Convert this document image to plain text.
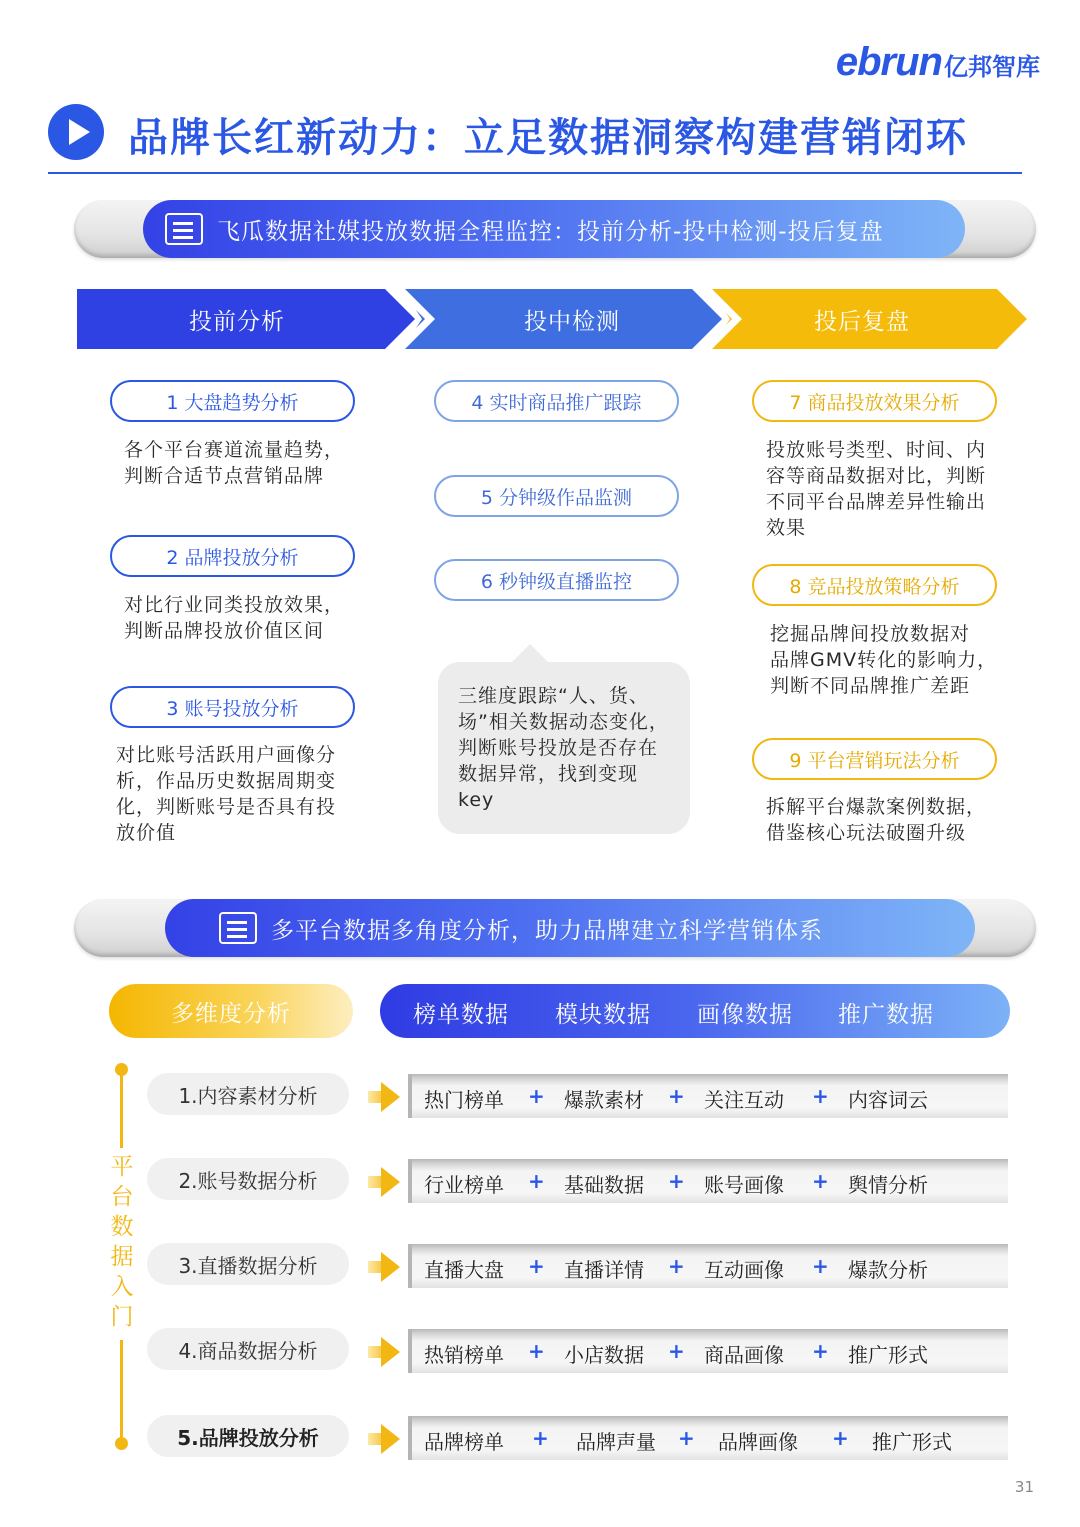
ebrun 亿邦智库
品牌长红新动力：立足数据洞察构建营销闭环
飞瓜数据社媒投放数据全程监控：投前分析-投中检测-投后复盘
投前分析	投中检测	投后复盘
1 大盘趋势分析
各个平台赛道流量趋势，
判断合适节点营销品牌
2 品牌投放分析
对比行业同类投放效果，
判断品牌投放价值区间
3 账号投放分析
对比账号活跃用户画像分
析，作品历史数据周期变
化，判断账号是否具有投
放价值
4 实时商品推广跟踪
5 分钟级作品监测
6 秒钟级直播监控
三维度跟踪“人、货、
场”相关数据动态变化，
判断账号投放是否存在
数据异常，找到变现
key
7 商品投放效果分析
投放账号类型、时间、内
容等商品数据对比，判断
不同平台品牌差异性输出
效果
8 竞品投放策略分析
挖掘品牌间投放数据对
品牌GMV转化的影响力，
判断不同品牌推广差距
9 平台营销玩法分析
拆解平台爆款案例数据，
借鉴核心玩法破圈升级
多平台数据多角度分析，助力品牌建立科学营销体系
多维度分析	榜单数据 模块数据 画像数据 推广数据
平
台
数
据
入
门
1.内容素材分析	热门榜单 + 爆款素材 + 关注互动 + 内容词云
2.账号数据分析	行业榜单 + 基础数据 + 账号画像 + 舆情分析
3.直播数据分析	直播大盘 + 直播详情 + 互动画像 + 爆款分析
4.商品数据分析	热销榜单 + 小店数据 + 商品画像 + 推广形式
5.品牌投放分析	品牌榜单 + 品牌声量 + 品牌画像 + 推广形式
31
